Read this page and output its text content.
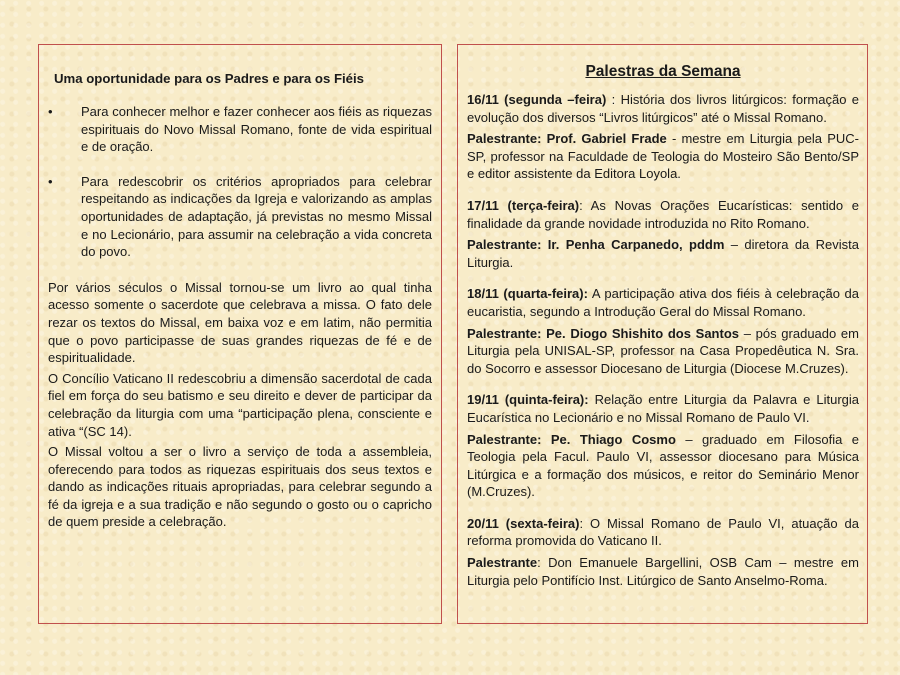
Uma oportunidade para os Padres e para os Fiéis
•	Para conhecer melhor e fazer conhecer aos fiéis as riquezas espirituais do Novo Missal Romano, fonte de vida espiritual e de oração.
•	Para redescobrir os critérios apropriados para celebrar respeitando as indicações da Igreja e valorizando as amplas oportunidades de adaptação, já previstas no mesmo Missal e no Lecionário, para assumir na celebração a vida concreta do povo.

Por vários séculos o Missal tornou-se um livro ao qual tinha acesso somente o sacerdote que celebrava a missa. O fato dele rezar os textos do Missal, em baixa voz e em latim, não permitia que o povo participasse de suas grandes riquezas de fé e de espiritualidade.

O Concílio Vaticano II redescobriu a dimensão sacerdotal de cada fiel em força do seu batismo e seu direito e dever de participar da celebração da liturgia com uma “participação plena, consciente e ativa “(SC 14).

O Missal voltou a ser o livro a serviço de toda a assembleia, oferecendo para todos as riquezas espirituais dos seus textos e dando as indicações rituais apropriadas, para celebrar segundo a fé da igreja e a sua tradição e não segundo o gosto ou o capricho de quem preside a celebração.

Palestras da Semana

16/11 (segunda –feira) : História dos livros litúrgicos: formação e evolução dos diversos “Livros litúrgicos” até o Missal Romano.

Palestrante: Prof. Gabriel Frade - mestre em Liturgia pela PUC-SP, professor na Faculdade de Teologia do Mosteiro São Bento/SP e editor assistente da Editora Loyola.

17/11 (terça-feira): As Novas Orações Eucarísticas: sentido e finalidade da grande novidade introduzida no Rito Romano.

Palestrante: Ir. Penha Carpanedo, pddm – diretora da Revista Liturgia.

18/11 (quarta-feira): A participação ativa dos fiéis à celebração da eucaristia, segundo a Introdução Geral do Missal Romano.

Palestrante: Pe. Diogo Shishito dos Santos – pós graduado em Liturgia pela UNISAL-SP, professor na Casa Propedêutica N. Sra. do Socorro e assessor Diocesano de Liturgia (Diocese M.Cruzes).

19/11 (quinta-feira): Relação entre Liturgia da Palavra e Liturgia Eucarística no Lecionário e no Missal Romano de Paulo VI.

Palestrante: Pe. Thiago Cosmo – graduado em Filosofia e Teologia pela Facul. Paulo VI, assessor diocesano para Música Litúrgica e a formação dos músicos, e reitor do Seminário Menor (M.Cruzes).

20/11 (sexta-feira): O Missal Romano de Paulo VI, atuação da reforma promovida do Vaticano II.

Palestrante: Don Emanuele Bargellini, OSB Cam – mestre em Liturgia pelo Pontifício Inst. Litúrgico de Santo Anselmo-Roma.
